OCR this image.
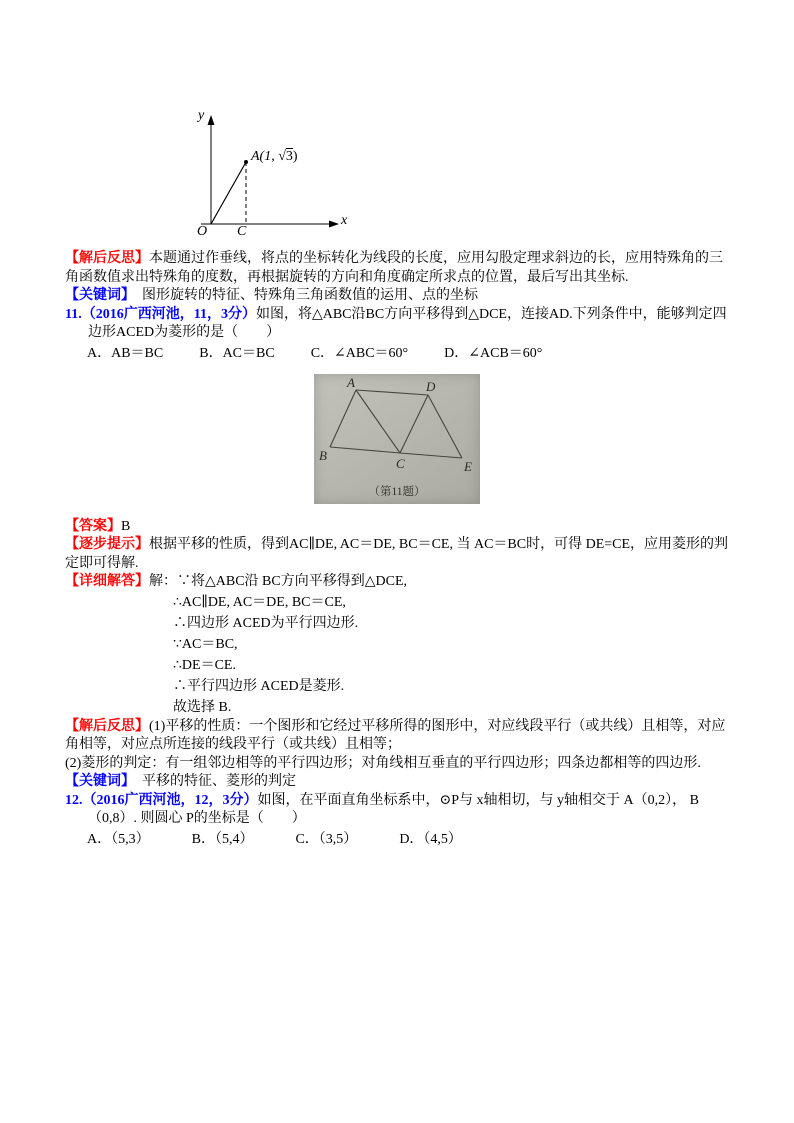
y
x
O C
A(1, √3)

【解后反思】本题通过作垂线，将点的坐标转化为线段的长度，应用勾股定理求斜边的长，应用特殊角的三角函数值求出特殊角的度数，再根据旋转的方向和角度确定所求点的位置，最后写出其坐标.

【关键词】 图形旋转的特征、特殊角三角函数值的运用、点的坐标

11.（2016广西河池，11，3分）如图，将△ABC沿BC方向平移得到△DCE，连接AD.下列条件中，能够判定四边形ACED为菱形的是（　　）

A．AB＝BC	B．AC＝BC	C．∠ABC＝60°	D．∠ACB＝60°

A	D
B
C	E
（第11题）

【答案】B

【逐步提示】根据平移的性质，得到AC∥DE, AC＝DE, BC＝CE, 当 AC＝BC时，可得 DE=CE，应用菱形的判定即可得解.

【详细解答】解：∵将△ABC沿 BC方向平移得到△DCE,

∴AC∥DE, AC＝DE, BC＝CE,

∴四边形 ACED为平行四边形.

∵AC＝BC,

∴DE＝CE.

∴平行四边形 ACED是菱形.

故选择 B.

【解后反思】(1)平移的性质：一个图形和它经过平移所得的图形中，对应线段平行（或共线）且相等，对应角相等，对应点所连接的线段平行（或共线）且相等；

(2)菱形的判定：有一组邻边相等的平行四边形；对角线相互垂直的平行四边形；四条边都相等的四边形.

【关键词】 平移的特征、菱形的判定

12.（2016广西河池，12，3分）如图，在平面直角坐标系中，⊙P与 x轴相切，与 y轴相交于 A（0,2）， B（0,8）. 则圆心 P的坐标是（　　）

A．（5,3）	B．（5,4）	C．（3,5）	D．（4,5）
